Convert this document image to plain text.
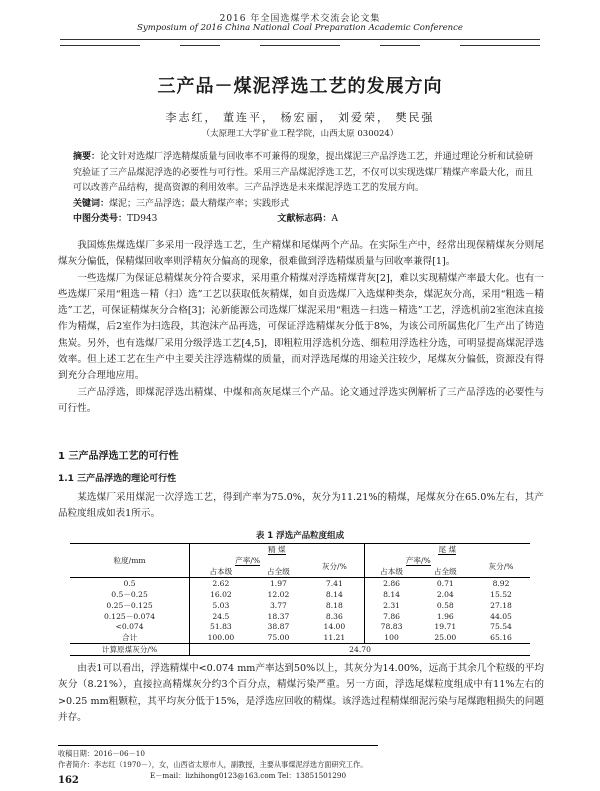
2016 年全国选煤学术交流会论文集
Symposium of 2016 China National Coal Preparation Academic Conference
三产品－煤泥浮选工艺的发展方向
李志红， 董连平， 杨宏丽， 刘爱荣， 樊民强
（太原理工大学矿业工程学院，山西太原 030024）

摘要：论文针对选煤厂浮选精煤质量与回收率不可兼得的现象，提出煤泥三产品浮选工艺，并通过理论分析和试验研究验证了三产品煤泥浮选的必要性与可行性。采用三产品煤泥浮选工艺，不仅可以实现选煤厂精煤产率最大化，而且可以改善产品结构，提高资源的利用效率。三产品浮选是未来煤泥浮选工艺的发展方向。

关键词：煤泥；三产品浮选；最大精煤产率；实践形式

中图分类号：TD943	文献标志码：A

我国炼焦煤选煤厂多采用一段浮选工艺，生产精煤和尾煤两个产品。在实际生产中，经常出现保精煤灰分则尾煤灰分偏低，保精煤回收率则浮精灰分偏高的现象，很难做到浮选精煤质量与回收率兼得[1]。

一些选煤厂为保证总精煤灰分符合要求，采用重介精煤对浮选精煤背灰[2]，难以实现精煤产率最大化。也有一些选煤厂采用“粗选－精（扫）选”工艺以获取低灰精煤，如自贡选煤厂入选煤种类杂，煤泥灰分高，采用“粗选－精选”工艺，可保证精煤灰分合格[3]；沁新能源公司选煤厂煤泥采用“粗选－扫选－精选”工艺，浮选机前2室泡沫直接作为精煤，后2室作为扫选段，其泡沫产品再选，可保证浮选精煤灰分低于8%，为该公司所属焦化厂生产出了铸造焦炭。另外，也有选煤厂采用分级浮选工艺[4,5]，即粗粒用浮选机分选、细粒用浮选柱分选，可明显提高煤泥浮选效率。但上述工艺在生产中主要关注浮选精煤的质量，而对浮选尾煤的用途关注较少，尾煤灰分偏低，资源没有得到充分合理地应用。

三产品浮选，即煤泥浮选出精煤、中煤和高灰尾煤三个产品。论文通过浮选实例解析了三产品浮选的必要性与可行性。

1 三产品浮选工艺的可行性
1.1 三产品浮选的理论可行性

某选煤厂采用煤泥一次浮选工艺，得到产率为75.0%，灰分为11.21%的精煤，尾煤灰分在65.0%左右，其产品粒度组成如表1所示。

表 1 浮选产品粒度组成
粒度/mm	精 煤			尾 煤		
	产率/%		灰分/%	产率/%		灰分/%
	占本级	占全级		占本级	占全级	
0.5	2.62	1.97	7.41	2.86	0.71	8.92
0.5－0.25	16.02	12.02	8.14	8.14	2.04	15.52
0.25－0.125	5.03	3.77	8.18	2.31	0.58	27.18
0.125－0.074	24.5	18.37	8.36	7.86	1.96	44.05
<0.074	51.83	38.87	14.00	78.83	19.71	75.54
合计	100.00	75.00	11.21	100	25.00	65.16
计算原煤灰分/%	24.70					

由表1可以看出，浮选精煤中<0.074 mm产率达到50%以上，其灰分为14.00%，远高于其余几个粒级的平均灰分（8.21%），直接拉高精煤灰分约3个百分点，精煤污染严重。另一方面，浮选尾煤粒度组成中有11%左右的>0.25 mm粗颗粒，其平均灰分低于15%，是浮选应回收的精煤。该浮选过程精煤细泥污染与尾煤跑粗损失的问题并存。

收稿日期：2016－06－10
作者简介：李志红（1970－），女，山西省太原市人，副教授，主要从事煤泥浮选方面研究工作。
E－mail：lizhihong0123@163.com Tel：13851501290
162
